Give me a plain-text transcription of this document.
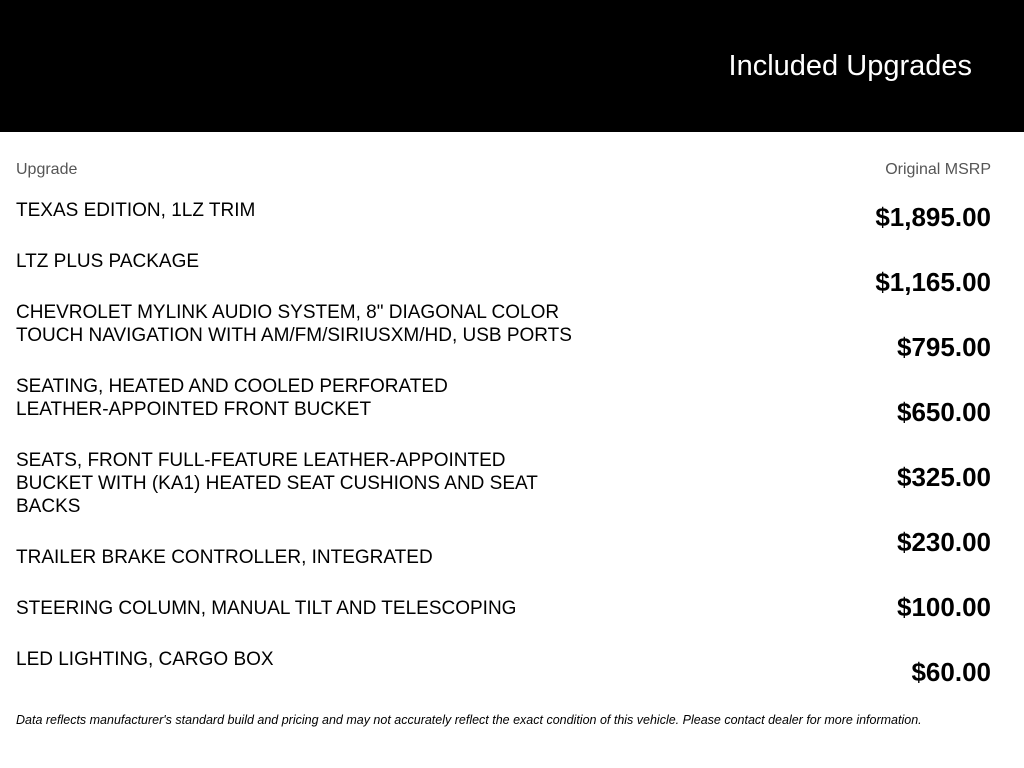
Included Upgrades
Upgrade	Original MSRP
TEXAS EDITION, 1LZ TRIM
LTZ PLUS PACKAGE
CHEVROLET MYLINK AUDIO SYSTEM, 8" DIAGONAL COLOR TOUCH NAVIGATION WITH AM/FM/SIRIUSXM/HD, USB PORTS
SEATING, HEATED AND COOLED PERFORATED LEATHER-APPOINTED FRONT BUCKET
SEATS, FRONT FULL-FEATURE LEATHER-APPOINTED BUCKET WITH (KA1) HEATED SEAT CUSHIONS AND SEAT BACKS
TRAILER BRAKE CONTROLLER, INTEGRATED
STEERING COLUMN, MANUAL TILT AND TELESCOPING
LED LIGHTING, CARGO BOX
$1,895.00
$1,165.00
$795.00
$650.00
$325.00
$230.00
$100.00
$60.00
Data reflects manufacturer's standard build and pricing and may not accurately reflect the exact condition of this vehicle. Please contact dealer for more information.
